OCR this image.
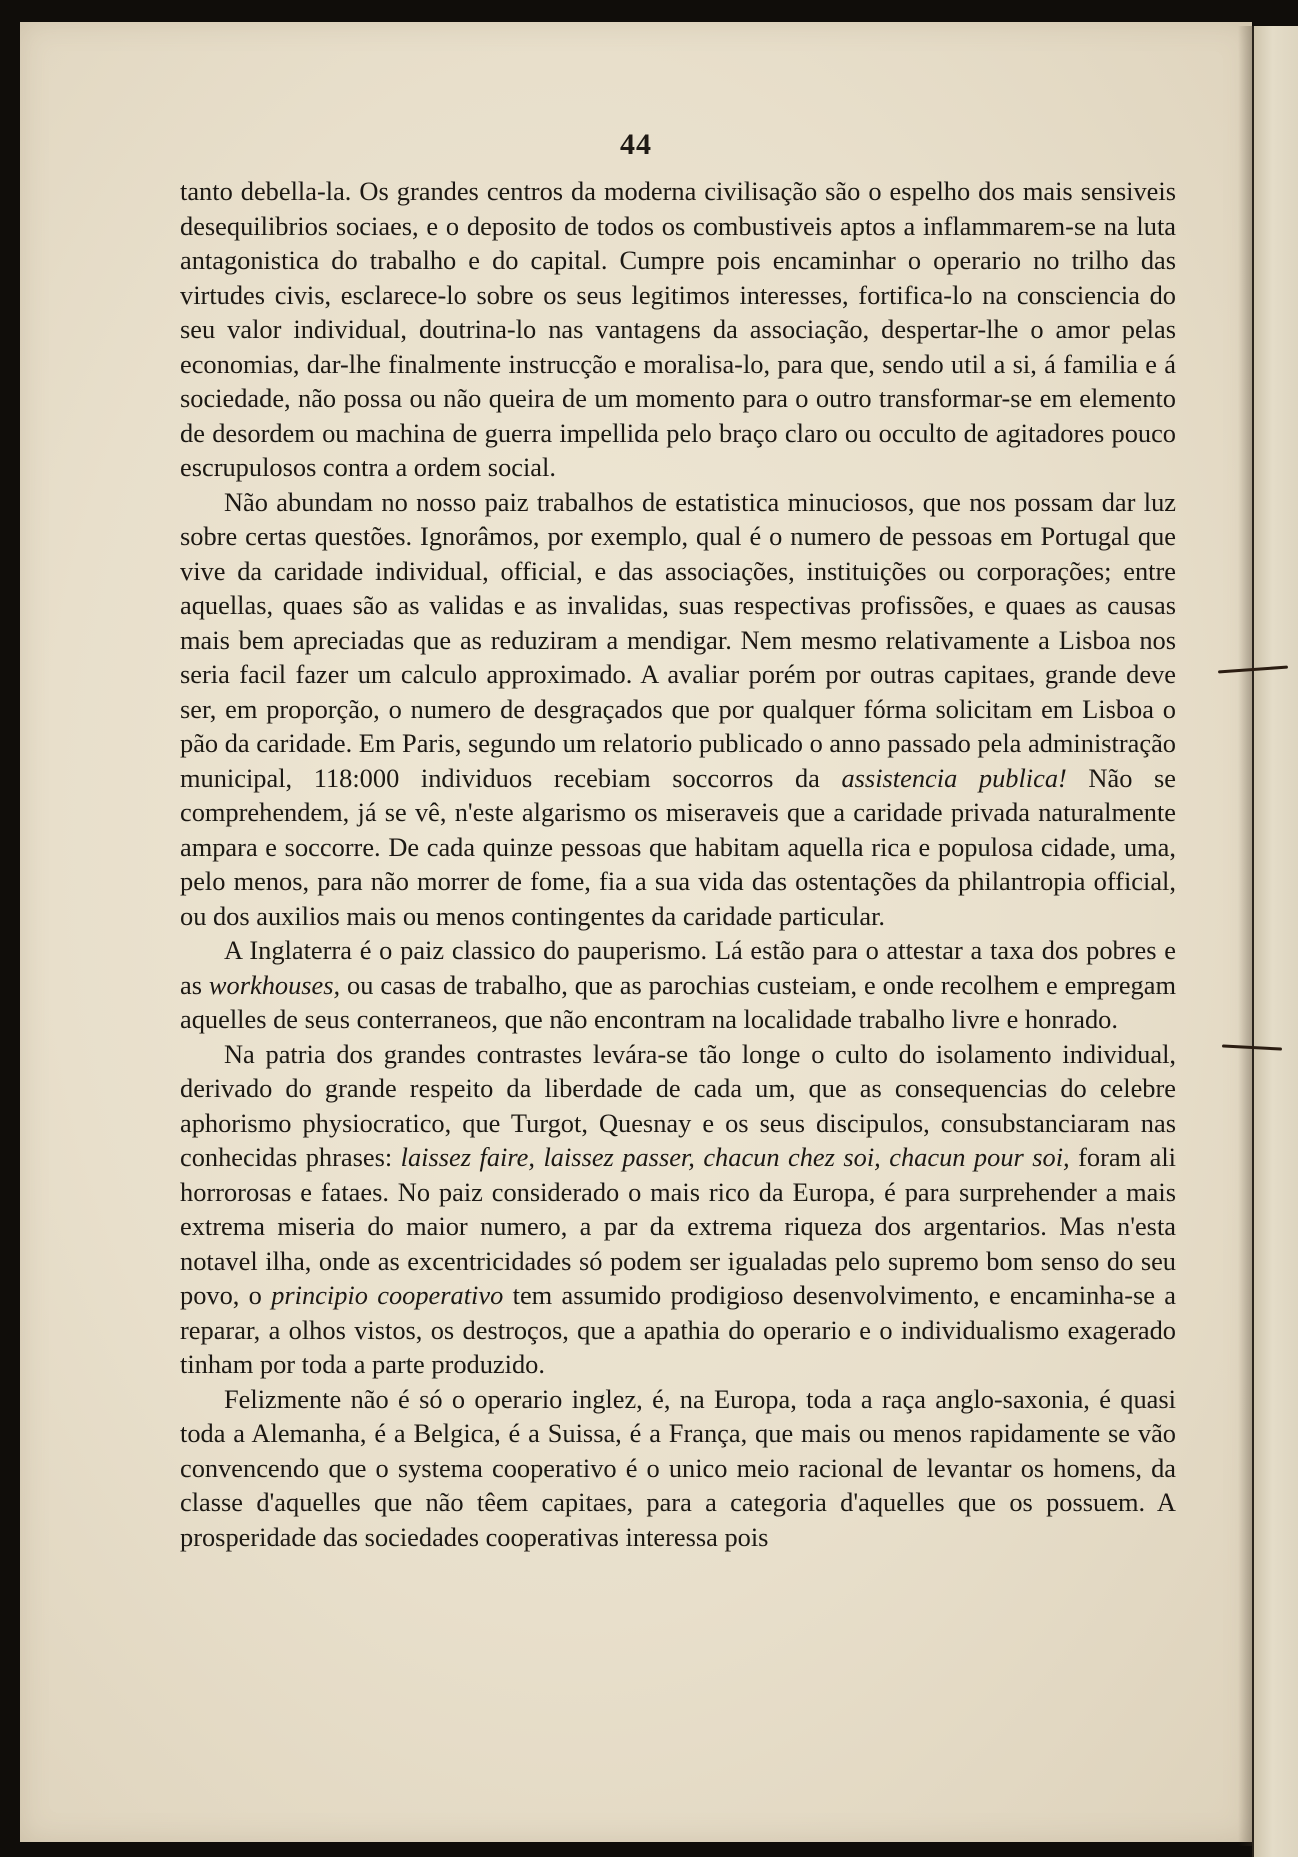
44

tanto debella-la. Os grandes centros da moderna civilisação são o espelho dos mais sensiveis desequilibrios sociaes, e o deposito de todos os combustiveis aptos a inflammarem-se na luta antagonistica do trabalho e do capital. Cumpre pois encaminhar o operario no trilho das virtudes civis, esclarece-lo sobre os seus legitimos interesses, fortifica-lo na consciencia do seu valor individual, doutrina-lo nas vantagens da associação, despertar-lhe o amor pelas economias, dar-lhe finalmente instrucção e moralisa-lo, para que, sendo util a si, á familia e á sociedade, não possa ou não queira de um momento para o outro transformar-se em elemento de desordem ou machina de guerra impellida pelo braço claro ou occulto de agitadores pouco escrupulosos contra a ordem social.

Não abundam no nosso paiz trabalhos de estatistica minuciosos, que nos possam dar luz sobre certas questões. Ignorâmos, por exemplo, qual é o numero de pessoas em Portugal que vive da caridade individual, official, e das associações, instituições ou corporações; entre aquellas, quaes são as validas e as invalidas, suas respectivas profissões, e quaes as causas mais bem apreciadas que as reduziram a mendigar. Nem mesmo relativamente a Lisboa nos seria facil fazer um calculo approximado. A avaliar porém por outras capitaes, grande deve ser, em proporção, o numero de desgraçados que por qualquer fórma solicitam em Lisboa o pão da caridade. Em Paris, segundo um relatorio publicado o anno passado pela administração municipal, 118:000 individuos recebiam soccorros da assistencia publica! Não se comprehendem, já se vê, n'este algarismo os miseraveis que a caridade privada naturalmente ampara e soccorre. De cada quinze pessoas que habitam aquella rica e populosa cidade, uma, pelo menos, para não morrer de fome, fia a sua vida das ostentações da philantropia official, ou dos auxilios mais ou menos contingentes da caridade particular.

A Inglaterra é o paiz classico do pauperismo. Lá estão para o attestar a taxa dos pobres e as workhouses, ou casas de trabalho, que as parochias custeiam, e onde recolhem e empregam aquelles de seus conterraneos, que não encontram na localidade trabalho livre e honrado.

Na patria dos grandes contrastes levára-se tão longe o culto do isolamento individual, derivado do grande respeito da liberdade de cada um, que as consequencias do celebre aphorismo physiocratico, que Turgot, Quesnay e os seus discipulos, consubstanciaram nas conhecidas phrases: laissez faire, laissez passer, chacun chez soi, chacun pour soi, foram ali horrorosas e fataes. No paiz considerado o mais rico da Europa, é para surprehender a mais extrema miseria do maior numero, a par da extrema riqueza dos argentarios. Mas n'esta notavel ilha, onde as excentricidades só podem ser igualadas pelo supremo bom senso do seu povo, o principio cooperativo tem assumido prodigioso desenvolvimento, e encaminha-se a reparar, a olhos vistos, os destroços, que a apathia do operario e o individualismo exagerado tinham por toda a parte produzido.

Felizmente não é só o operario inglez, é, na Europa, toda a raça anglo-saxonia, é quasi toda a Alemanha, é a Belgica, é a Suissa, é a França, que mais ou menos rapidamente se vão convencendo que o systema cooperativo é o unico meio racional de levantar os homens, da classe d'aquelles que não têem capitaes, para a categoria d'aquelles que os possuem. A prosperidade das sociedades cooperativas interessa pois
